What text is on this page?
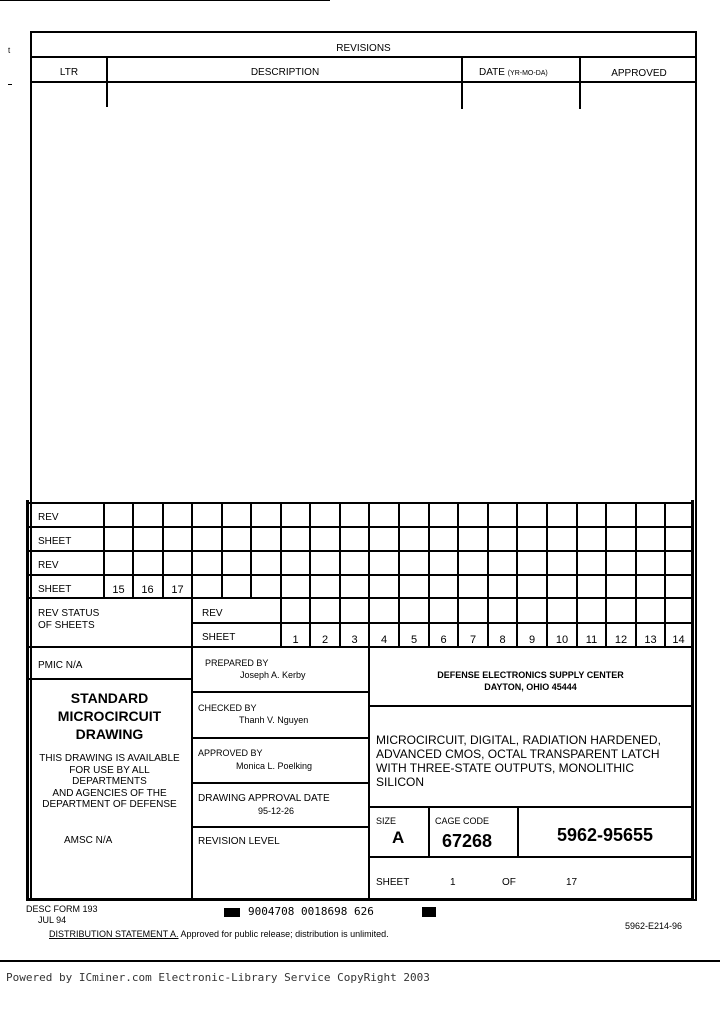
t	REVISIONS
LTR	DESCRIPTION	DATE (YR-MO-DA)	APPROVED
REV
SHEET
REV
SHEET	15	16	17
REV STATUS
OF SHEETS
REV
SHEET	1	2	3	4	5	6	7	8	9	10	11	12	13	14
PMIC N/A
STANDARD
MICROCIRCUIT
DRAWING
THIS DRAWING IS AVAILABLE
FOR USE BY ALL
DEPARTMENTS
AND AGENCIES OF THE
DEPARTMENT OF DEFENSE
AMSC N/A
PREPARED BY
Joseph A. Kerby
CHECKED BY
Thanh V. Nguyen
APPROVED BY
Monica L. Poelking
DRAWING APPROVAL DATE
95-12-26
REVISION LEVEL
DEFENSE ELECTRONICS SUPPLY CENTER
DAYTON, OHIO 45444
MICROCIRCUIT, DIGITAL, RADIATION HARDENED,
ADVANCED CMOS, OCTAL TRANSPARENT LATCH
WITH THREE-STATE OUTPUTS, MONOLITHIC
SILICON
SIZE
A
CAGE CODE
67268	5962-95655
SHEET	1	OF	17
DESC FORM 193
JUL 94
9004708 0018698 626
DISTRIBUTION STATEMENT A. Approved for public release; distribution is unlimited.
5962-E214-96
Powered by ICminer.com Electronic-Library Service CopyRight 2003
